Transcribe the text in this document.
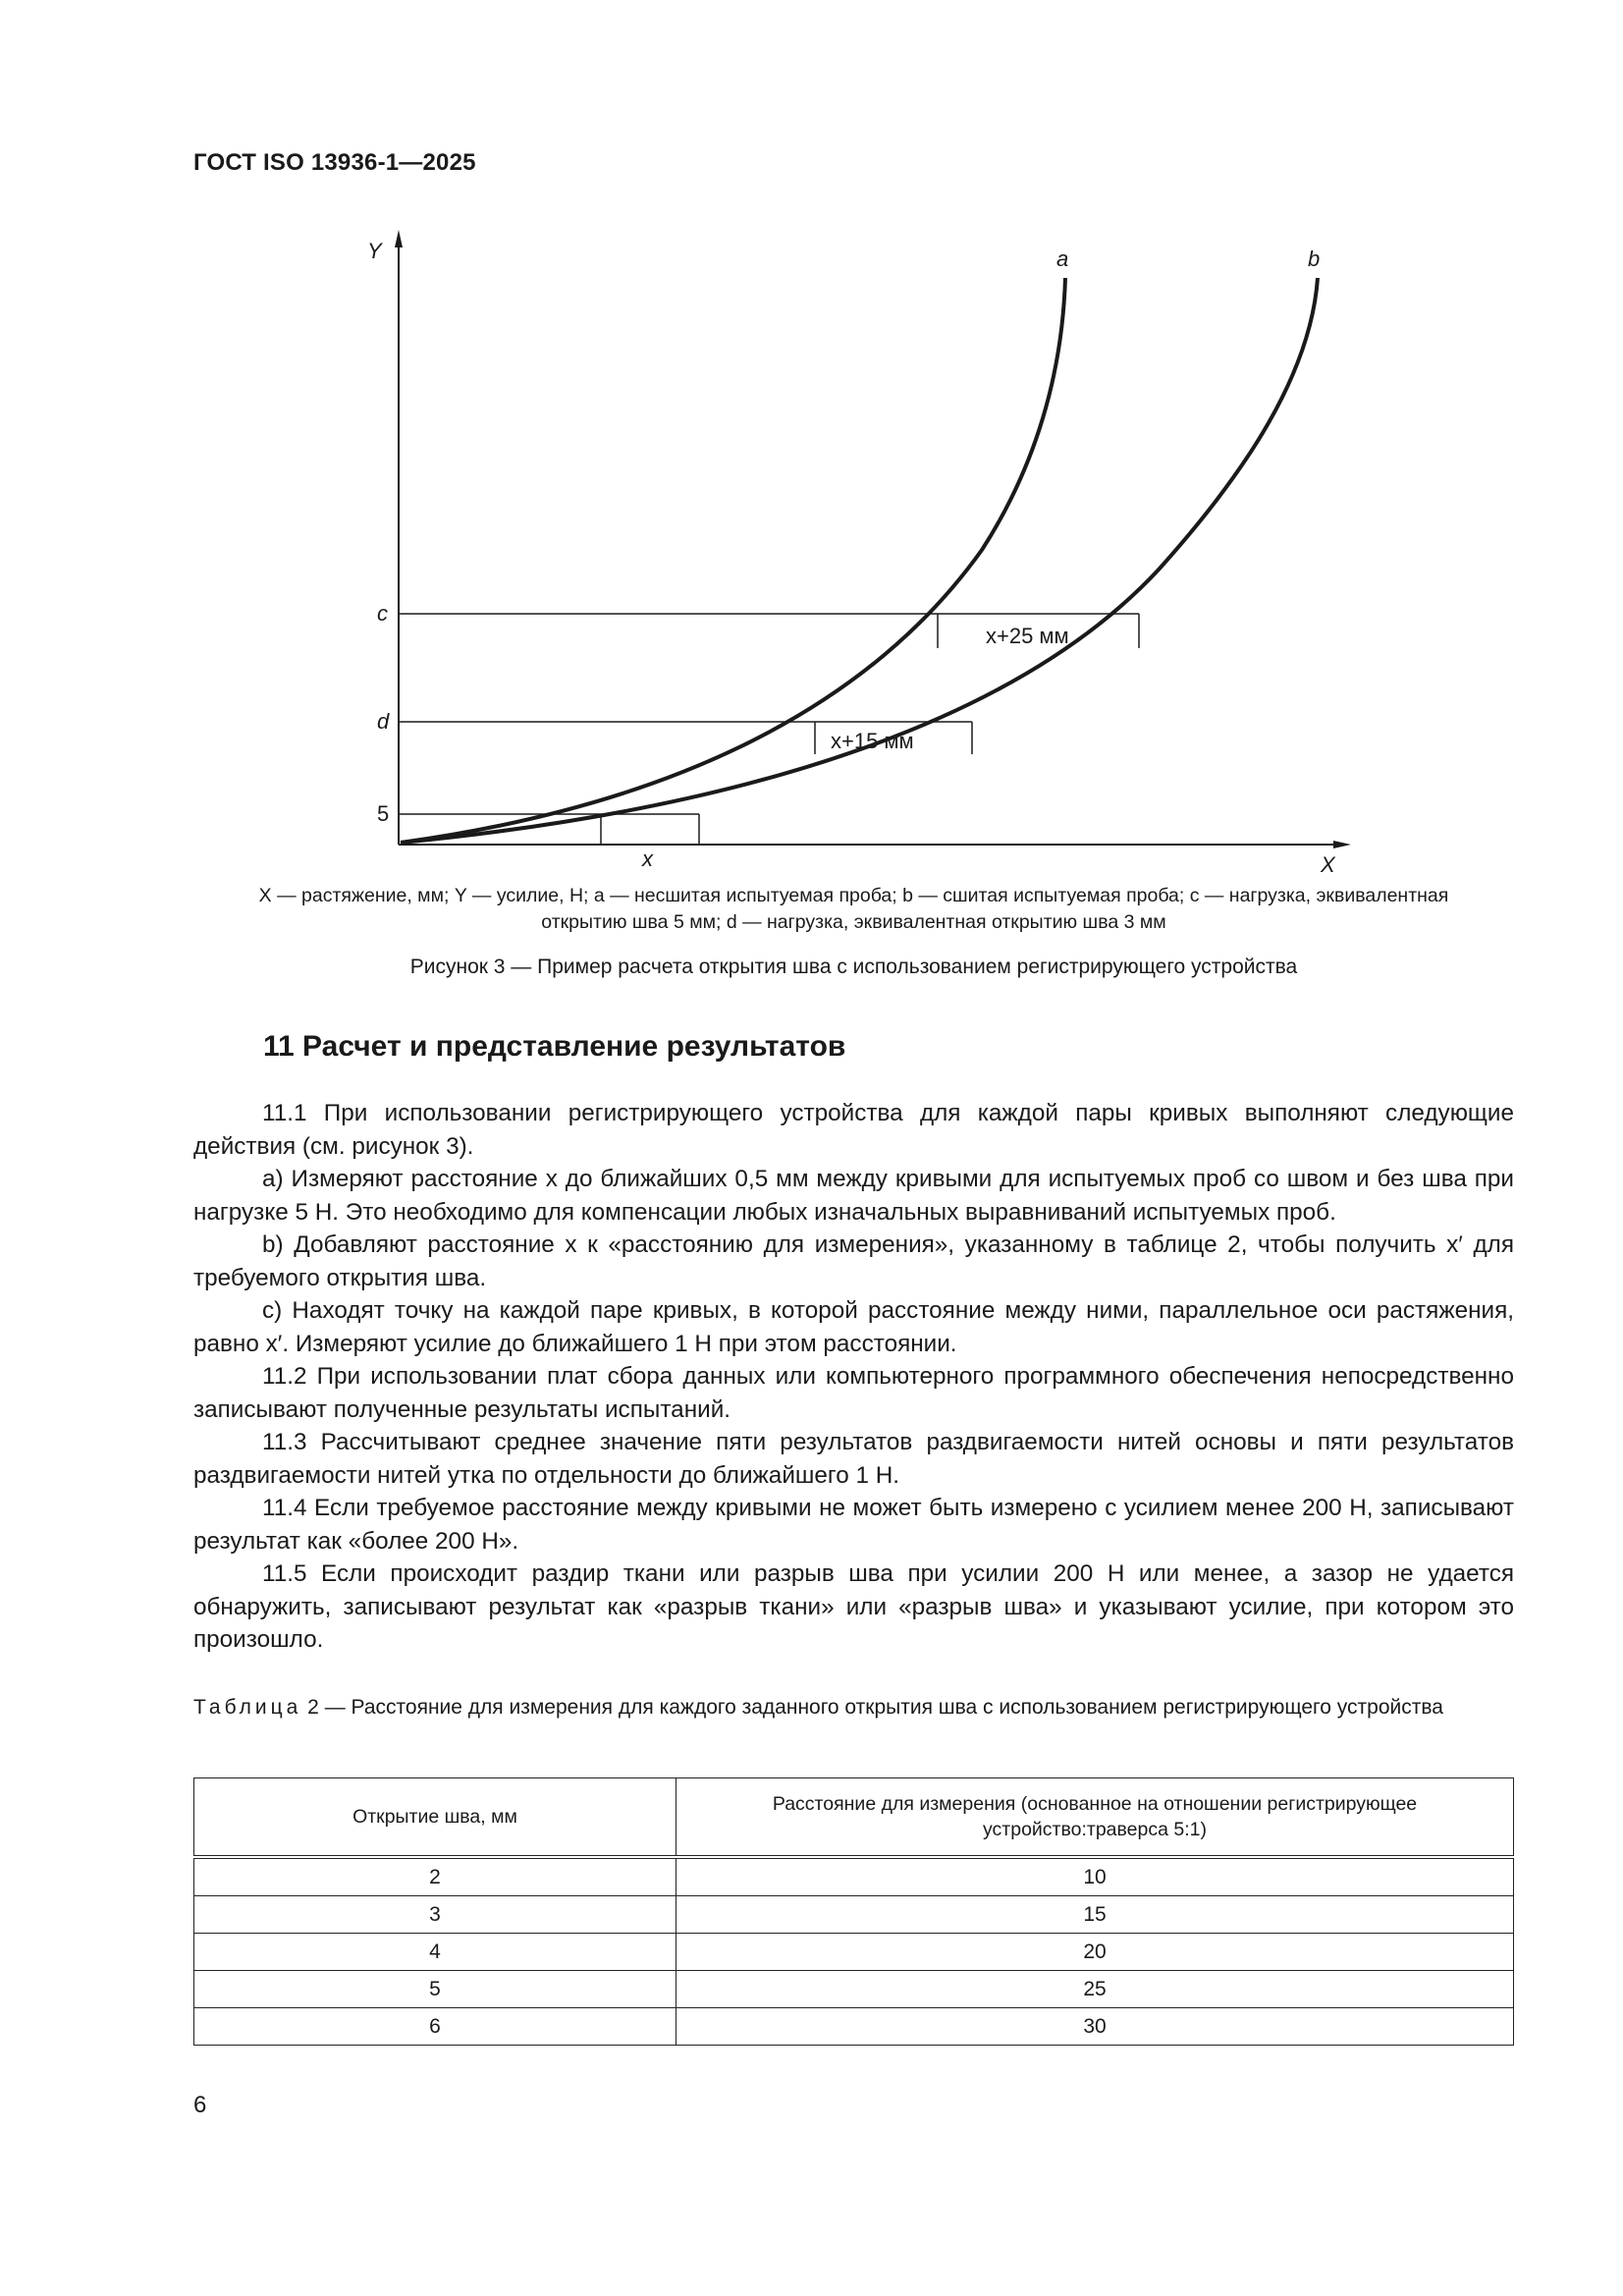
ГОСТ ISO 13936-1—2025
Y
X
a	b
c
d
5
x
x+15 мм
x+25 мм
X — растяжение, мм; Y — усилие, Н; a — несшитая испытуемая проба; b — сшитая испытуемая проба; c — нагрузка, эквивалентная
открытию шва 5 мм; d — нагрузка, эквивалентная открытию шва 3 мм
Рисунок 3 — Пример расчета открытия шва с использованием регистрирующего устройства
11 Расчет и представление результатов

11.1 При использовании регистрирующего устройства для каждой пары кривых выполняют следующие действия (см. рисунок 3).

a) Измеряют расстояние x до ближайших 0,5 мм между кривыми для испытуемых проб со швом и без шва при нагрузке 5 Н. Это необходимо для компенсации любых изначальных выравниваний испытуемых проб.

b) Добавляют расстояние x к «расстоянию для измерения», указанному в таблице 2, чтобы получить x′ для требуемого открытия шва.

c) Находят точку на каждой паре кривых, в которой расстояние между ними, параллельное оси растяжения, равно x′. Измеряют усилие до ближайшего 1 Н при этом расстоянии.

11.2 При использовании плат сбора данных или компьютерного программного обеспечения непосредственно записывают полученные результаты испытаний.

11.3 Рассчитывают среднее значение пяти результатов раздвигаемости нитей основы и пяти результатов раздвигаемости нитей утка по отдельности до ближайшего 1 Н.

11.4 Если требуемое расстояние между кривыми не может быть измерено с усилием менее 200 Н, записывают результат как «более 200 Н».

11.5 Если происходит раздир ткани или разрыв шва при усилии 200 Н или менее, а зазор не удается обнаружить, записывают результат как «разрыв ткани» или «разрыв шва» и указывают усилие, при котором это произошло.

Таблица 2 — Расстояние для измерения для каждого заданного открытия шва с использованием регистрирующего устройства
Открытие шва, мм	Расстояние для измерения (основанное на отношении регистрирующее устройство:траверса 5:1)
2	10
3	15
4	20
5	25
6	30
6
